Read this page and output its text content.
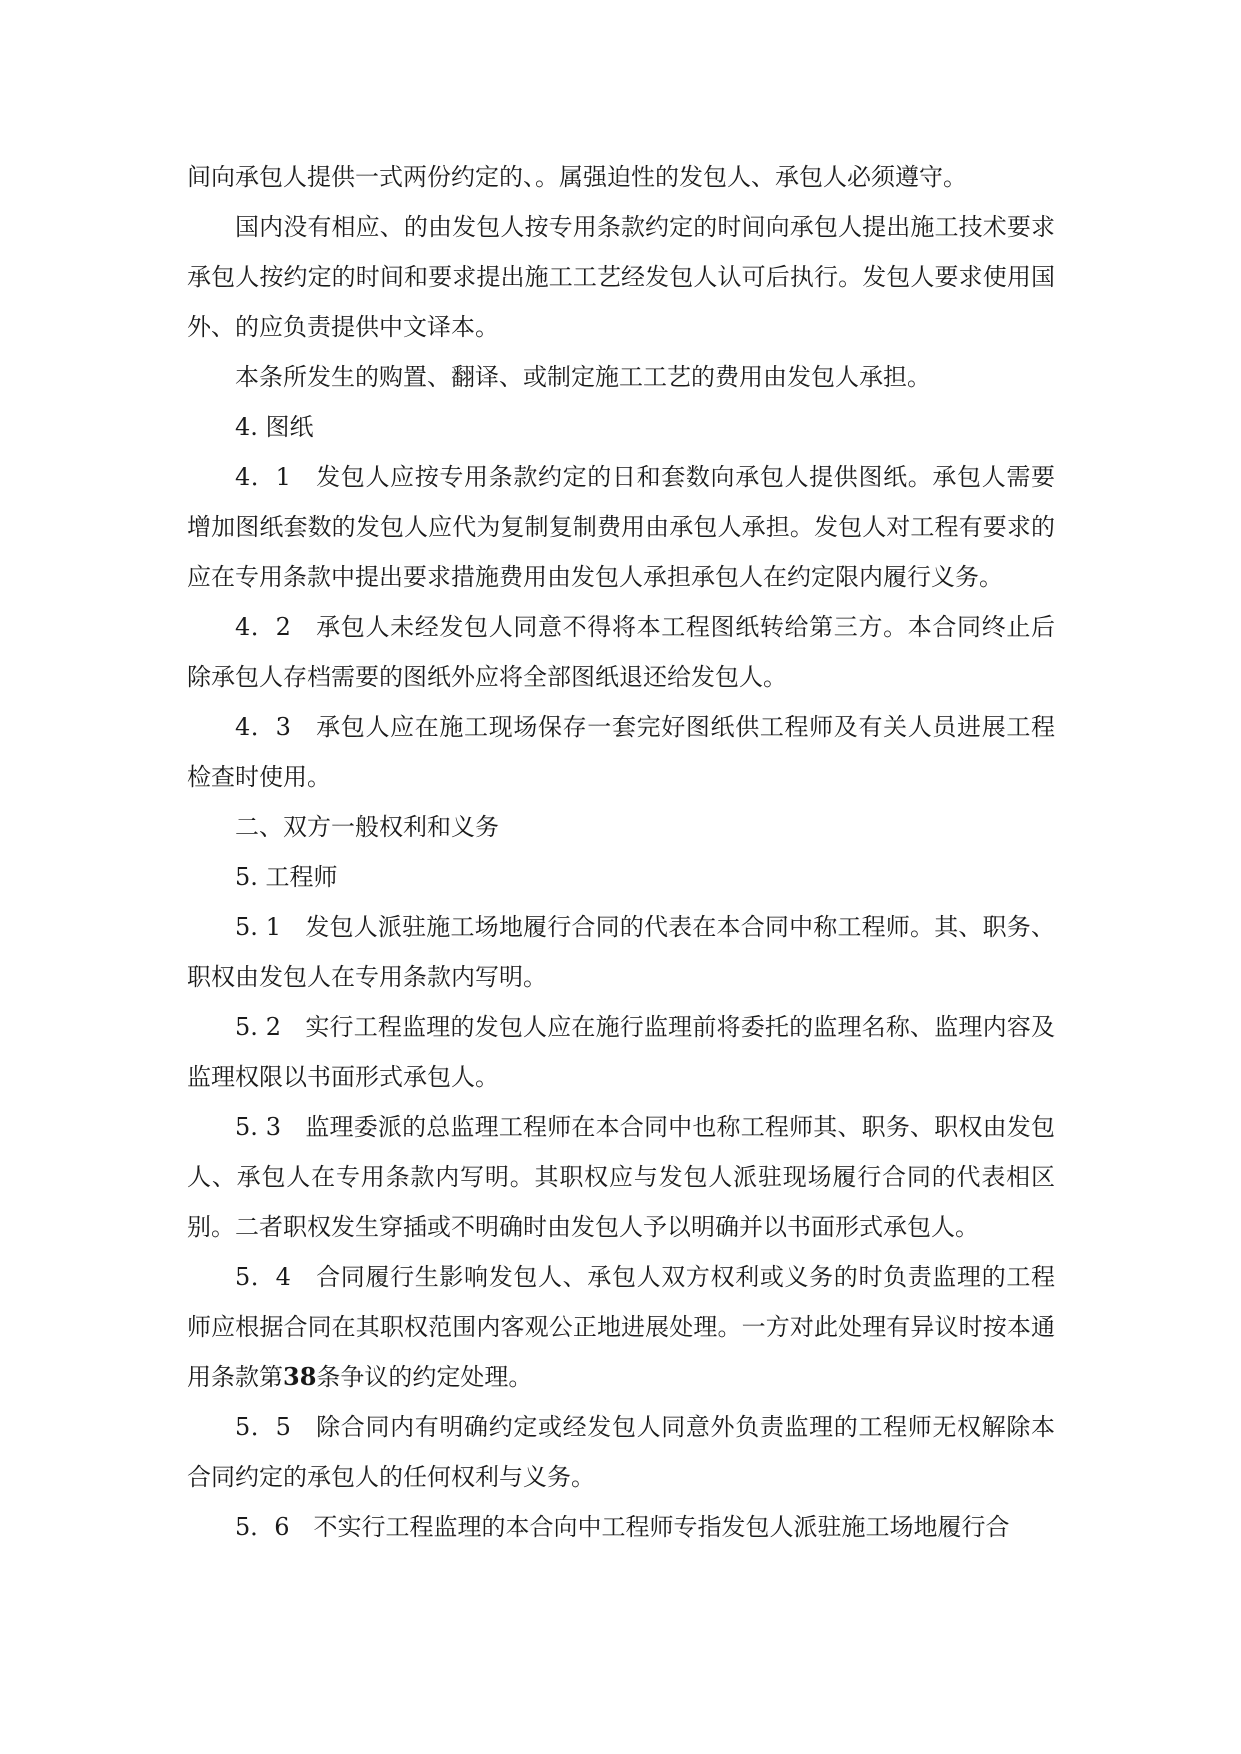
间向承包人提供一式两份约定的、。属强迫性的发包人、承包人必须遵守。

国内没有相应、的由发包人按专用条款约定的时间向承包人提出施工技术要求承包人按约定的时间和要求提出施工工艺经发包人认可后执行。发包人要求使用国外、的应负责提供中文译本。

本条所发生的购置、翻译、或制定施工工艺的费用由发包人承担。

4. 图纸

4．1　发包人应按专用条款约定的日和套数向承包人提供图纸。承包人需要增加图纸套数的发包人应代为复制复制费用由承包人承担。发包人对工程有要求的应在专用条款中提出要求措施费用由发包人承担承包人在约定限内履行义务。

4．2　承包人未经发包人同意不得将本工程图纸转给第三方。本合同终止后除承包人存档需要的图纸外应将全部图纸退还给发包人。

4．3　承包人应在施工现场保存一套完好图纸供工程师及有关人员进展工程检查时使用。

二、双方一般权利和义务

5. 工程师

5. 1　发包人派驻施工场地履行合同的代表在本合同中称工程师。其、职务、职权由发包人在专用条款内写明。

5. 2　实行工程监理的发包人应在施行监理前将委托的监理名称、监理内容及监理权限以书面形式承包人。

5. 3　监理委派的总监理工程师在本合同中也称工程师其、职务、职权由发包人、承包人在专用条款内写明。其职权应与发包人派驻现场履行合同的代表相区别。二者职权发生穿插或不明确时由发包人予以明确并以书面形式承包人。

5．4　合同履行生影响发包人、承包人双方权利或义务的时负责监理的工程师应根据合同在其职权范围内客观公正地进展处理。一方对此处理有异议时按本通用条款第38条争议的约定处理。

5．5　除合同内有明确约定或经发包人同意外负责监理的工程师无权解除本合同约定的承包人的任何权利与义务。

5．6　不实行工程监理的本合向中工程师专指发包人派驻施工场地履行合
